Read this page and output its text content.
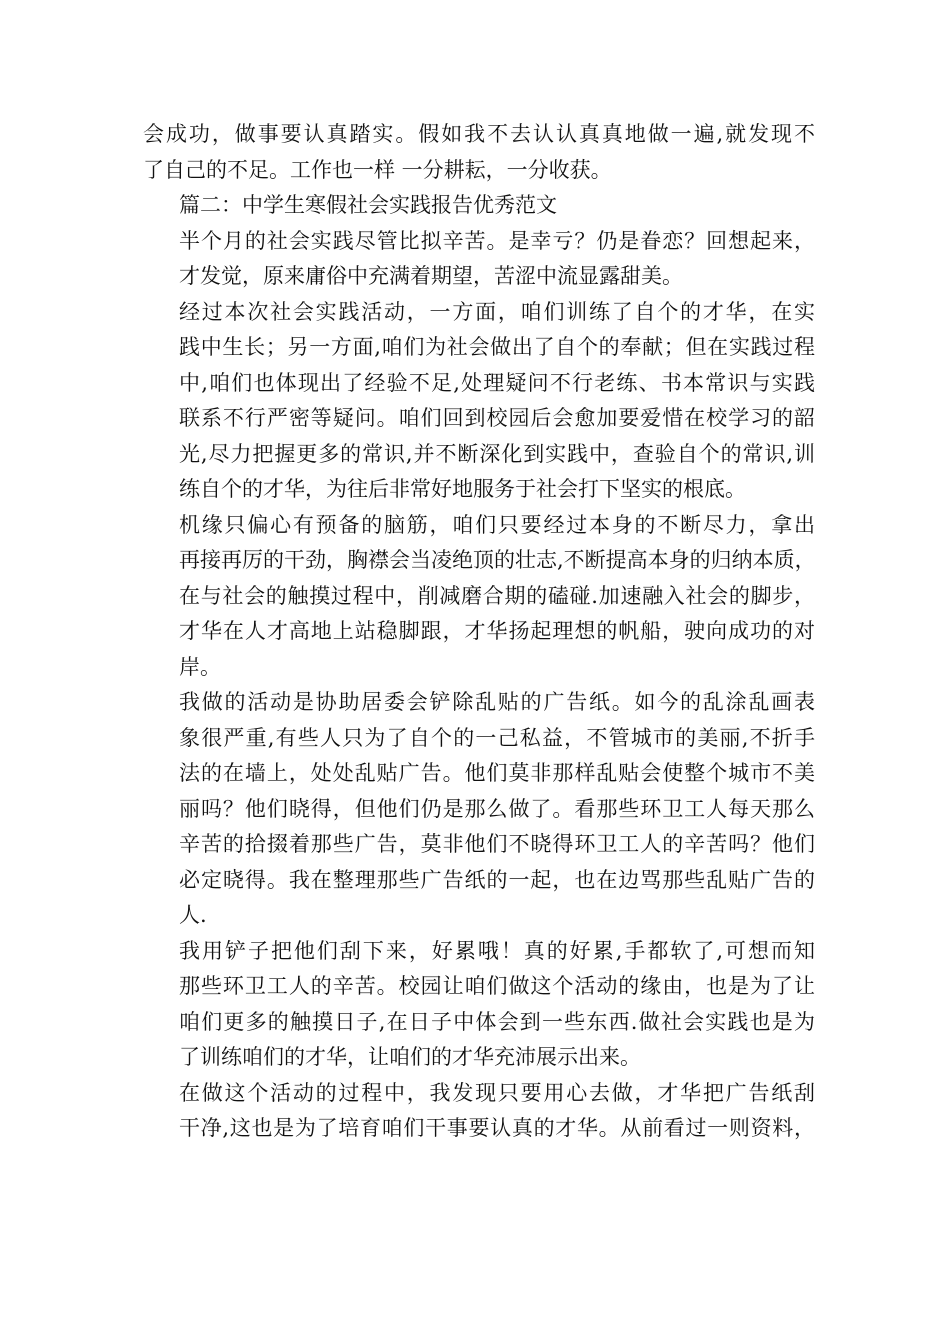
会成功，做事要认真踏实。假如我不去认认真真地做一遍,就发现不
了自己的不足。工作也一样 一分耕耘，一分收获。

篇二：中学生寒假社会实践报告优秀范文

半个月的社会实践尽管比拟辛苦。是幸亏？仍是眷恋？回想起来，
才发觉，原来庸俗中充满着期望，苦涩中流显露甜美。

经过本次社会实践活动，一方面，咱们训练了自个的才华，在实
践中生长；另一方面,咱们为社会做出了自个的奉献；但在实践过程
中,咱们也体现出了经验不足,处理疑问不行老练、书本常识与实践
联系不行严密等疑问。咱们回到校园后会愈加要爱惜在校学习的韶
光,尽力把握更多的常识,并不断深化到实践中，查验自个的常识,训
练自个的才华，为往后非常好地服务于社会打下坚实的根底。

机缘只偏心有预备的脑筋，咱们只要经过本身的不断尽力，拿出
再接再厉的干劲，胸襟会当凌绝顶的壮志,不断提高本身的归纳本质，
在与社会的触摸过程中，削减磨合期的磕碰.加速融入社会的脚步，
才华在人才高地上站稳脚跟，才华扬起理想的帆船，驶向成功的对
岸。

我做的活动是协助居委会铲除乱贴的广告纸。如今的乱涂乱画表
象很严重,有些人只为了自个的一己私益，不管城市的美丽,不折手
法的在墙上，处处乱贴广告。他们莫非那样乱贴会使整个城市不美
丽吗？他们晓得，但他们仍是那么做了。看那些环卫工人每天那么
辛苦的拾掇着那些广告，莫非他们不晓得环卫工人的辛苦吗？他们
必定晓得。我在整理那些广告纸的一起，也在边骂那些乱贴广告的
人.

我用铲子把他们刮下来，好累哦！真的好累,手都软了,可想而知
那些环卫工人的辛苦。校园让咱们做这个活动的缘由，也是为了让
咱们更多的触摸日子,在日子中体会到一些东西.做社会实践也是为
了训练咱们的才华，让咱们的才华充沛展示出来。

在做这个活动的过程中，我发现只要用心去做，才华把广告纸刮
干净,这也是为了培育咱们干事要认真的才华。从前看过一则资料，
